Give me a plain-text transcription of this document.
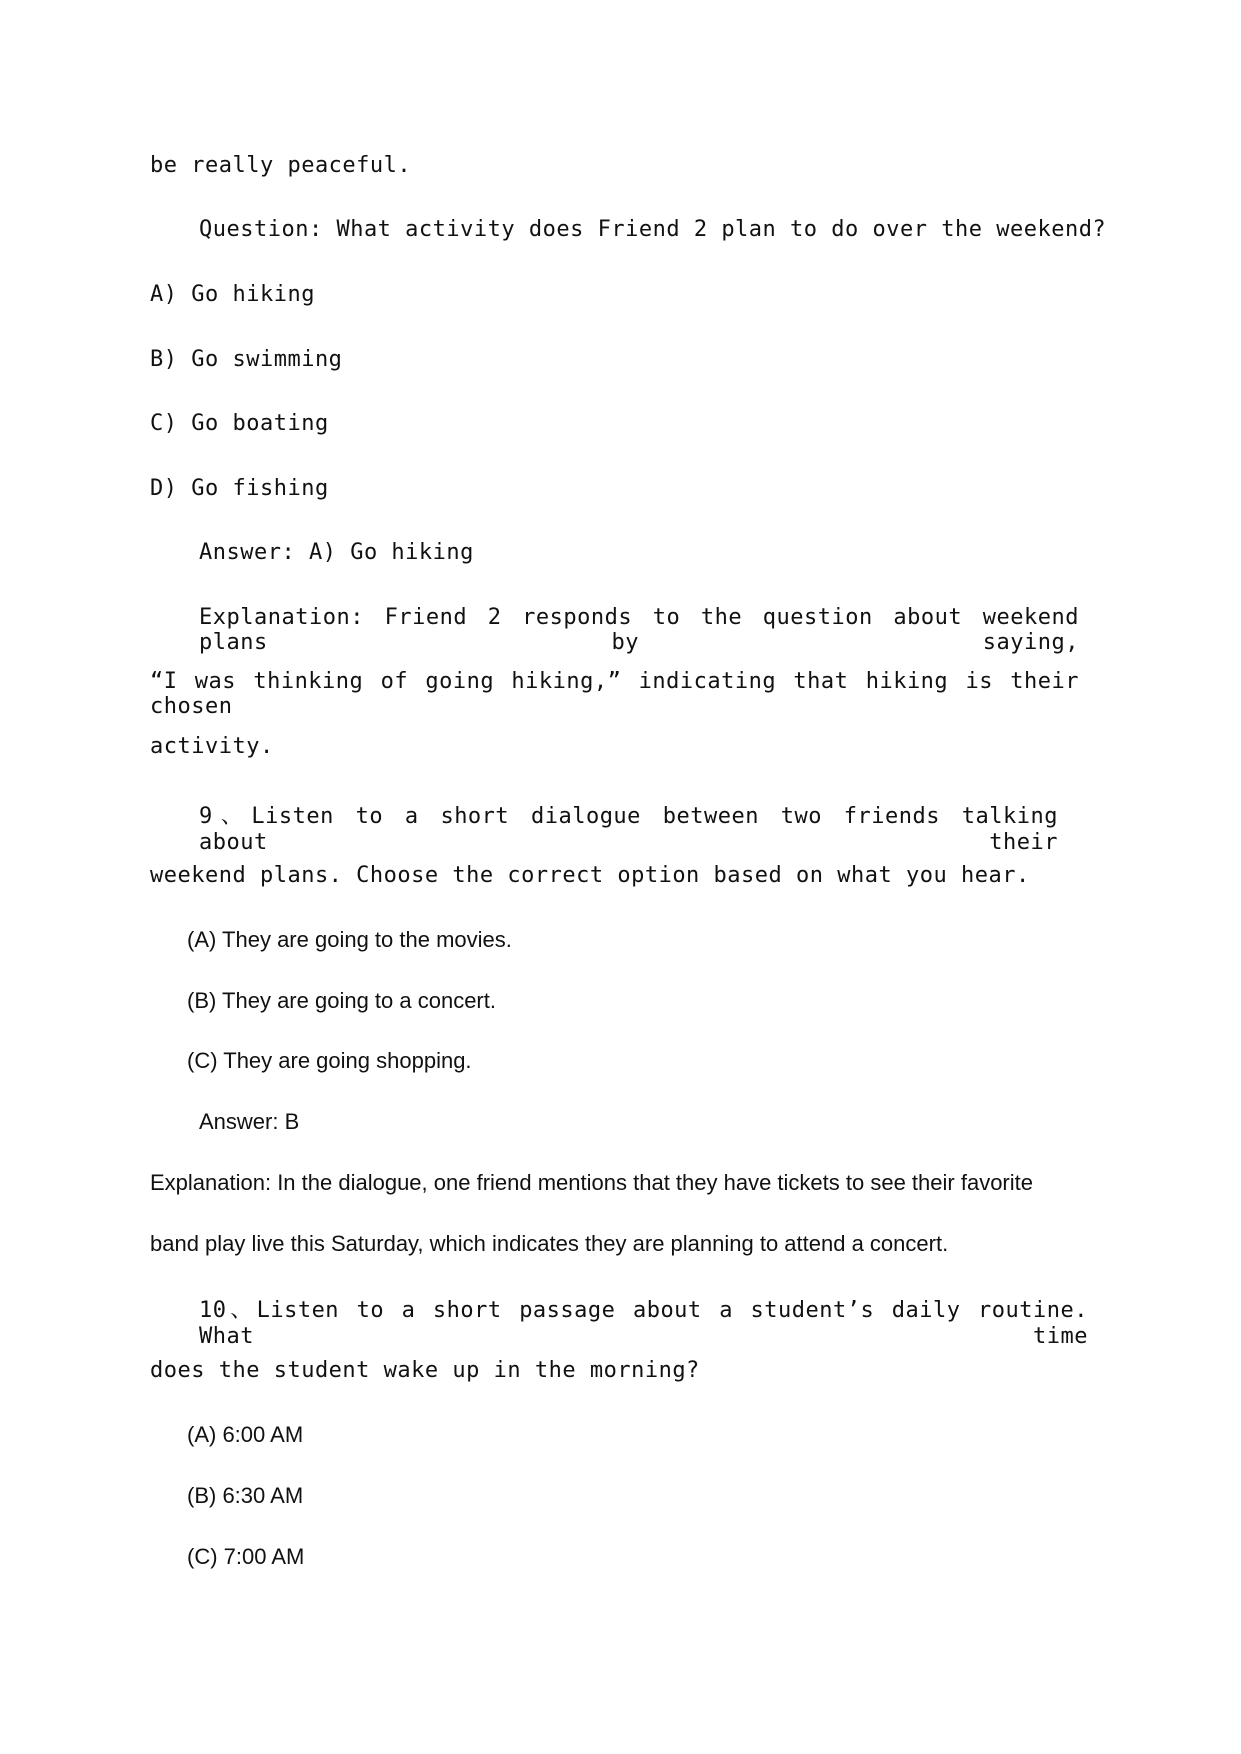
be really peaceful.

Question: What activity does Friend 2 plan to do over the weekend?

A) Go hiking

B) Go swimming

C) Go boating

D) Go fishing

Answer: A) Go hiking

Explanation: Friend 2 responds to the question about weekend plans by saying,

“I was thinking of going hiking,” indicating that hiking is their chosen

activity.

9、Listen to a short dialogue between two friends talking about their

weekend plans. Choose the correct option based on what you hear.

(A) They are going to the movies.

(B) They are going to a concert.

(C) They are going shopping.

Answer: B

Explanation: In the dialogue, one friend mentions that they have tickets to see their favorite

band play live this Saturday, which indicates they are planning to attend a concert.

10、Listen to a short passage about a student’s daily routine. What time

does the student wake up in the morning?

(A) 6:00 AM

(B) 6:30 AM

(C) 7:00 AM
